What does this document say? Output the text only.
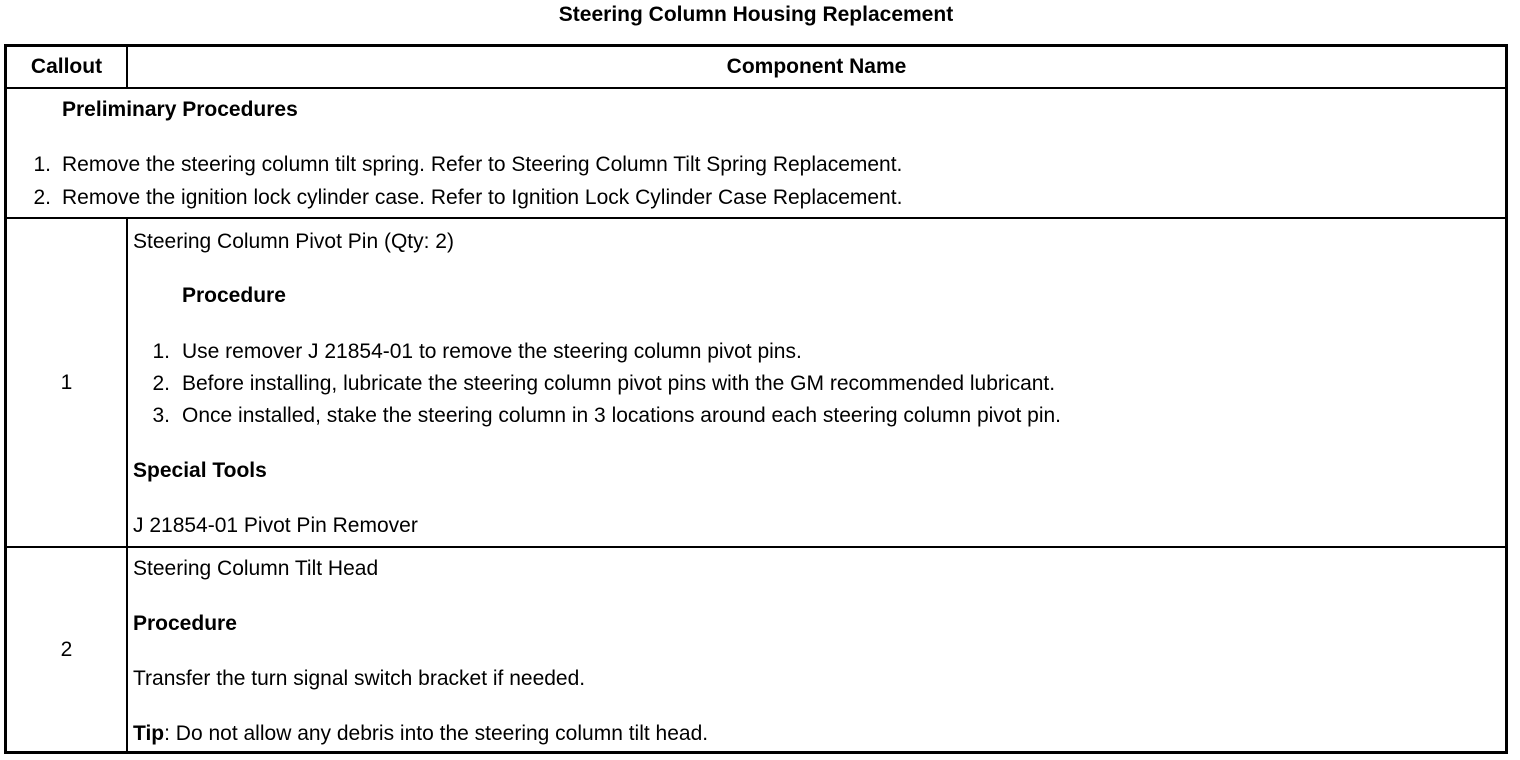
Steering Column Housing Replacement
Callout	Component Name
Preliminary Procedures
1. Remove the steering column tilt spring. Refer to Steering Column Tilt Spring Replacement.
2. Remove the ignition lock cylinder case. Refer to Ignition Lock Cylinder Case Replacement.
1
Steering Column Pivot Pin (Qty: 2)
Procedure
1. Use remover J 21854-01 to remove the steering column pivot pins.
2. Before installing, lubricate the steering column pivot pins with the GM recommended lubricant.
3. Once installed, stake the steering column in 3 locations around each steering column pivot pin.
Special Tools
J 21854-01 Pivot Pin Remover
2
Steering Column Tilt Head
Procedure
Transfer the turn signal switch bracket if needed.
Tip: Do not allow any debris into the steering column tilt head.
